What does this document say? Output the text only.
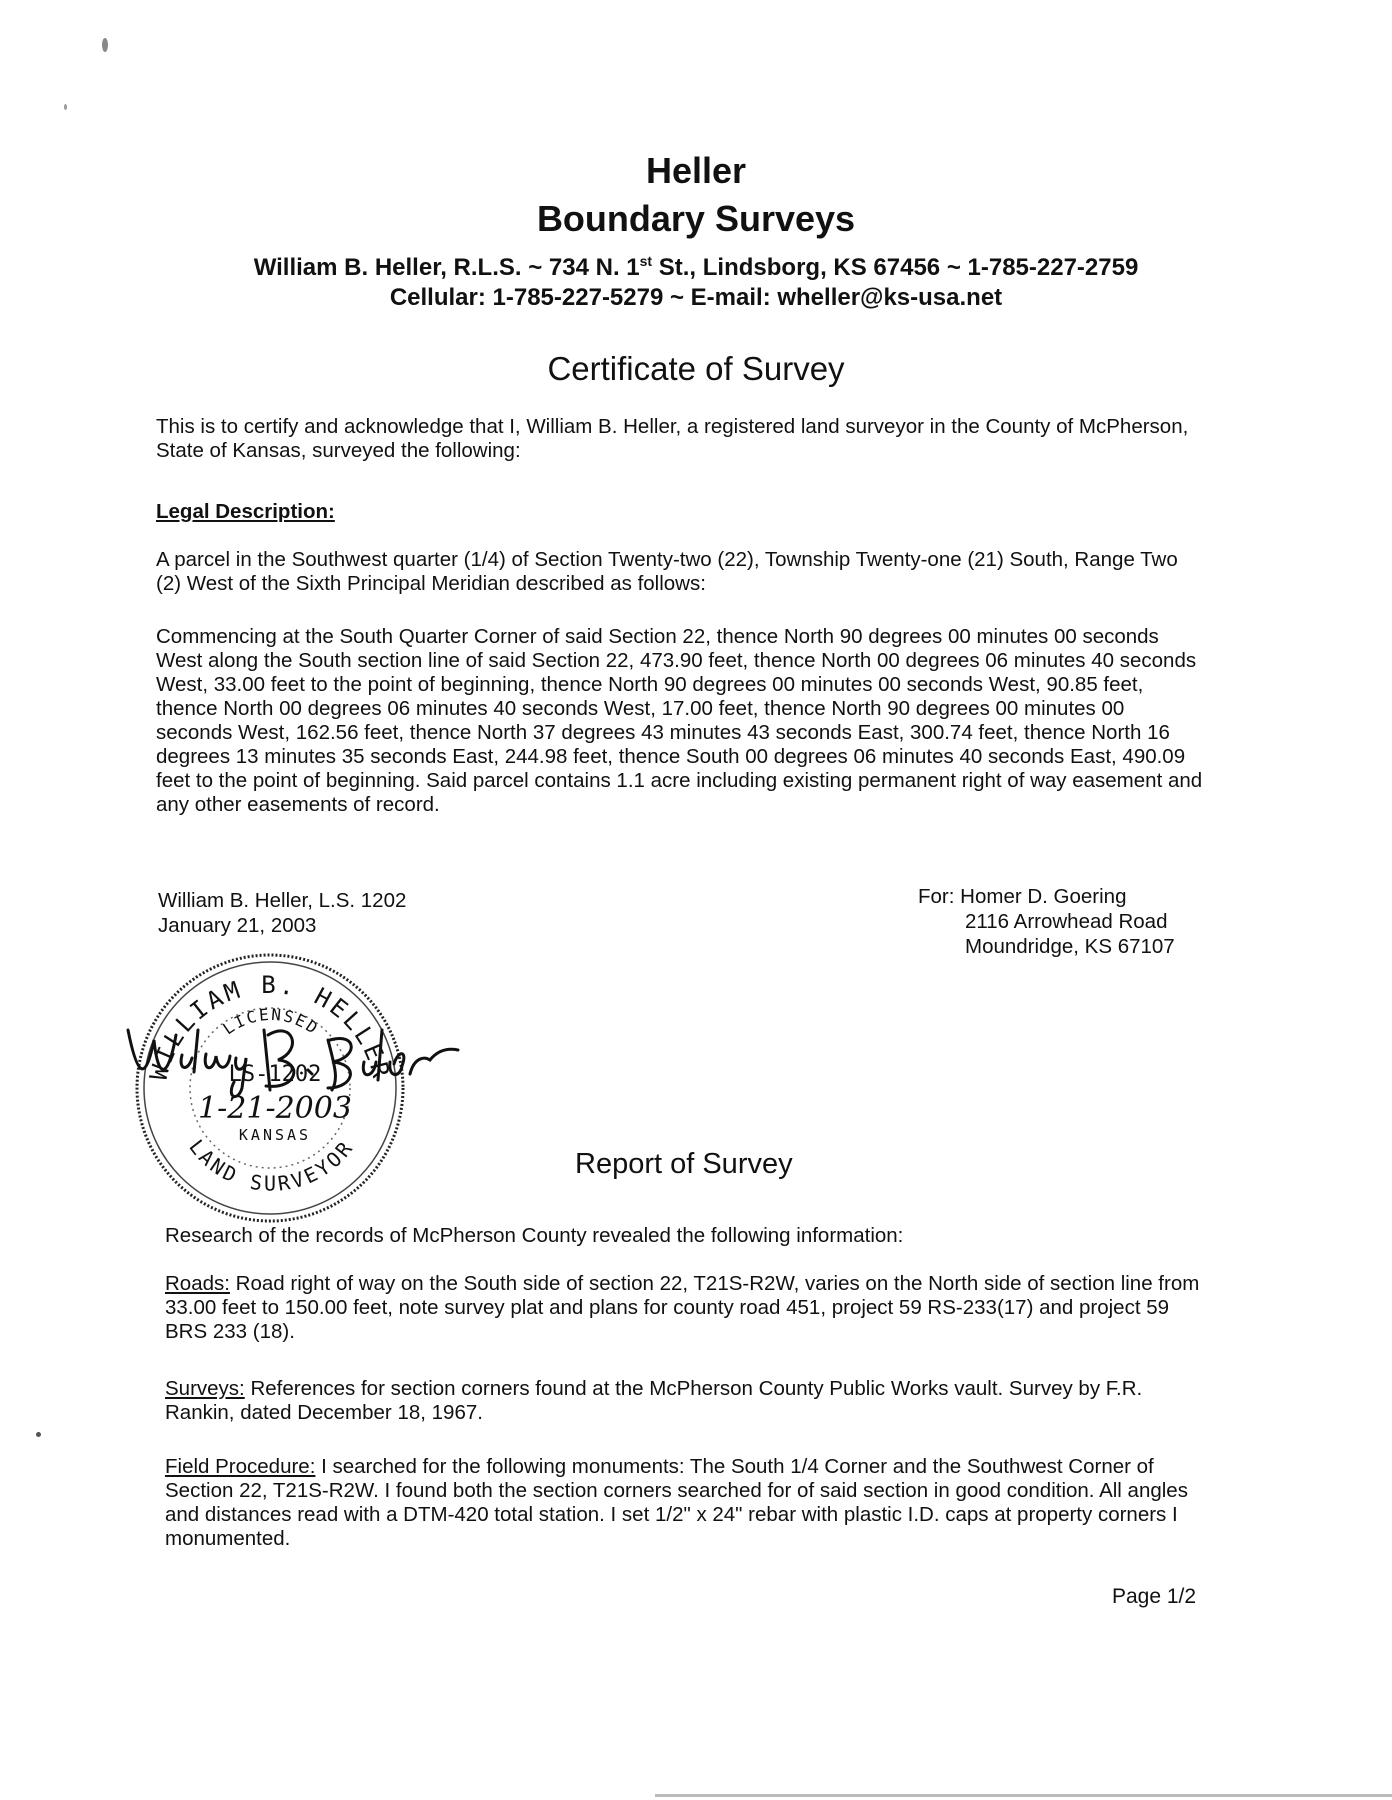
Heller
Boundary Surveys
William B. Heller, R.L.S. ~ 734 N. 1st St., Lindsborg, KS 67456 ~ 1-785-227-2759
Cellular: 1-785-227-5279 ~ E-mail: wheller@ks-usa.net
Certificate of Survey
This is to certify and acknowledge that I, William B. Heller, a registered land surveyor in the County of McPherson, State of Kansas, surveyed the following:
Legal Description:
A parcel in the Southwest quarter (1/4) of Section Twenty-two (22), Township Twenty-one (21) South, Range Two (2) West of the Sixth Principal Meridian described as follows:
Commencing at the South Quarter Corner of said Section 22, thence North 90 degrees 00 minutes 00 seconds West along the South section line of said Section 22, 473.90 feet, thence North 00 degrees 06 minutes 40 seconds West, 33.00 feet to the point of beginning, thence North 90 degrees 00 minutes 00 seconds West, 90.85 feet, thence North 00 degrees 06 minutes 40 seconds West, 17.00 feet, thence North 90 degrees 00 minutes 00 seconds West, 162.56 feet, thence North 37 degrees 43 minutes 43 seconds East, 300.74 feet, thence North 16 degrees 13 minutes 35 seconds East, 244.98 feet, thence South 00 degrees 06 minutes 40 seconds East, 490.09 feet to the point of beginning. Said parcel contains 1.1 acre including existing permanent right of way easement and any other easements of record.
William B. Heller, L.S. 1202
January 21, 2003
For: Homer D. Goering
2116 Arrowhead Road
Moundridge, KS 67107
WILLIAM B. HELLER
LICENSED
LS-1202
1-21-2003
KANSAS
LAND SURVEYOR	Report of Survey
Research of the records of McPherson County revealed the following information:
Roads: Road right of way on the South side of section 22, T21S-R2W, varies on the North side of section line from 33.00 feet to 150.00 feet, note survey plat and plans for county road 451, project 59 RS-233(17) and project 59 BRS 233 (18).
Surveys: References for section corners found at the McPherson County Public Works vault. Survey by F.R. Rankin, dated December 18, 1967.
Field Procedure: I searched for the following monuments: The South 1/4 Corner and the Southwest Corner of Section 22, T21S-R2W. I found both the section corners searched for of said section in good condition. All angles and distances read with a DTM-420 total station. I set 1/2" x 24" rebar with plastic I.D. caps at property corners I monumented.
Page 1/2
